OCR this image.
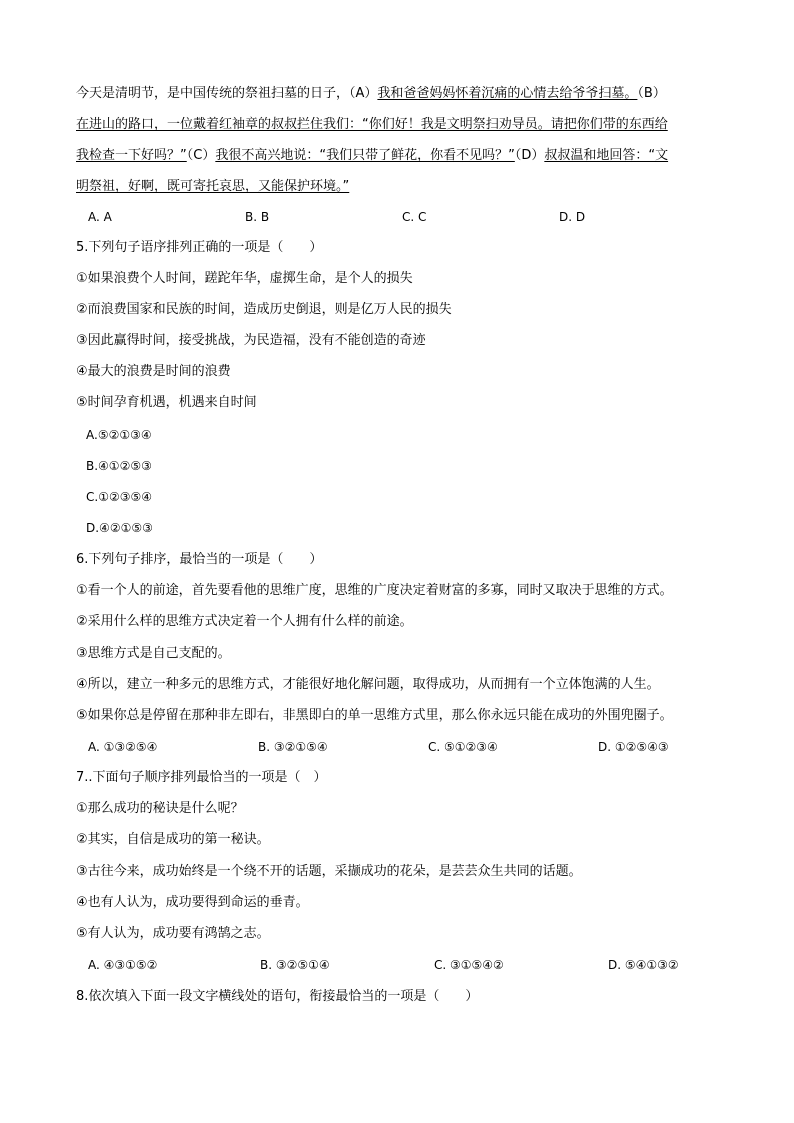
今天是清明节，是中国传统的祭祖扫墓的日子，（A）我和爸爸妈妈怀着沉痛的心情去给爷爷扫墓。（B）
在进山的路口，一位戴着红袖章的叔叔拦住我们：“你们好！我是文明祭扫劝导员。请把你们带的东西给
我检查一下好吗？”（C）我很不高兴地说：“我们只带了鲜花，你看不见吗？”（D）叔叔温和地回答：“文
明祭祖，好啊，既可寄托哀思，又能保护环境。”
A. A	B. B	C. C	D. D
5.下列句子语序排列正确的一项是（　　）
①如果浪费个人时间，蹉跎年华，虚掷生命，是个人的损失
②而浪费国家和民族的时间，造成历史倒退，则是亿万人民的损失
③因此赢得时间，接受挑战，为民造福，没有不能创造的奇迹
④最大的浪费是时间的浪费
⑤时间孕育机遇，机遇来自时间
A.⑤②①③④
B.④①②⑤③
C.①②③⑤④
D.④②①⑤③
6.下列句子排序，最恰当的一项是（　　）
①看一个人的前途，首先要看他的思维广度，思维的广度决定着财富的多寡，同时又取决于思维的方式。
②采用什么样的思维方式决定着一个人拥有什么样的前途。
③思维方式是自己支配的。
④所以，建立一种多元的思维方式，才能很好地化解问题，取得成功，从而拥有一个立体饱满的人生。
⑤如果你总是停留在那种非左即右，非黑即白的单一思维方式里，那么你永远只能在成功的外围兜圈子。
A. ①③②⑤④	B. ③②①⑤④	C. ⑤①②③④	D. ①②⑤④③
7..下面句子顺序排列最恰当的一项是（　）
①那么成功的秘诀是什么呢？
②其实，自信是成功的第一秘诀。
③古往今来，成功始终是一个绕不开的话题，采撷成功的花朵，是芸芸众生共同的话题。
④也有人认为，成功要得到命运的垂青。
⑤有人认为，成功要有鸿鹄之志。
A. ④③①⑤②	B. ③②⑤①④	C. ③①⑤④②	D. ⑤④①③②
8.依次填入下面一段文字横线处的语句，衔接最恰当的一项是（　　）
